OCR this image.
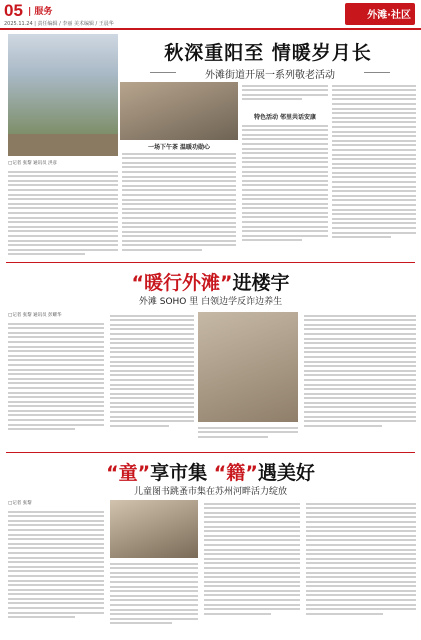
05 | 服务
2025.11.24 | 责任编辑 / 李丽 美术编辑 / 王晨华
外滩·社区
秋深重阳至 情暖岁月长
外滩街道开展一系列敬老活动
一场下午茶 温暖功勋心
□记者 张黎 通讯员 洪彦
特色活动 邻里共话安康
“暖行外滩”进楼宇
外滩 SOHO 里 白领边学反诈边养生
□记者 张黎 通讯员 彭耀华
“童”享市集 “籍”遇美好
儿童图书跳蚤市集在苏州河畔活力绽放
□记者 张黎
